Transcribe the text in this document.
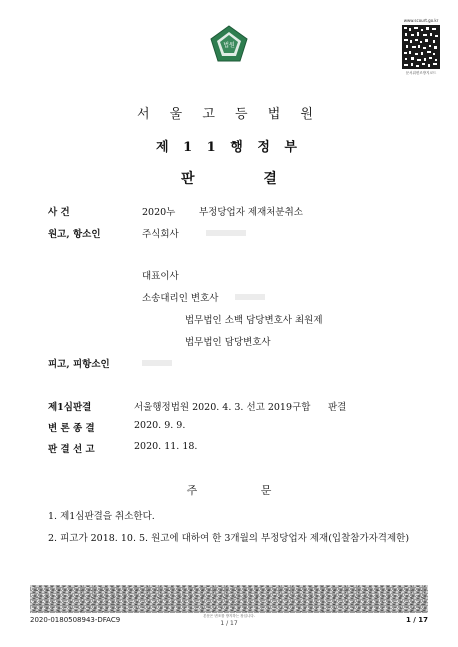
법원
www.scourt.go.kr
문서위변조방지코드
서 울 고 등 법 원
제 1 1 행 정 부
판 결
사 건	2020누 부정당업자 제재처분취소
원고, 항소인	주식회사
대표이사
소송대리인 변호사
법무법인 소백 담당변호사 최원제
법무법인 담당변호사
피고, 피항소인
제1심판결	서울행정법원 2020. 4. 3. 선고 2019구합 판결
변 론 종 결	2020. 9. 9.
판 결 선 고	2020. 11. 18.
주 문
1. 제1심판결을 취소한다.
2. 피고가 2018. 10. 5. 원고에 대하여 한 3개월의 부정당업자 제재(입찰참가자격제한)
2020-0180508943-DFAC9	본문은 변조를 방지하는 장입니다.
1 / 17	1 / 17
